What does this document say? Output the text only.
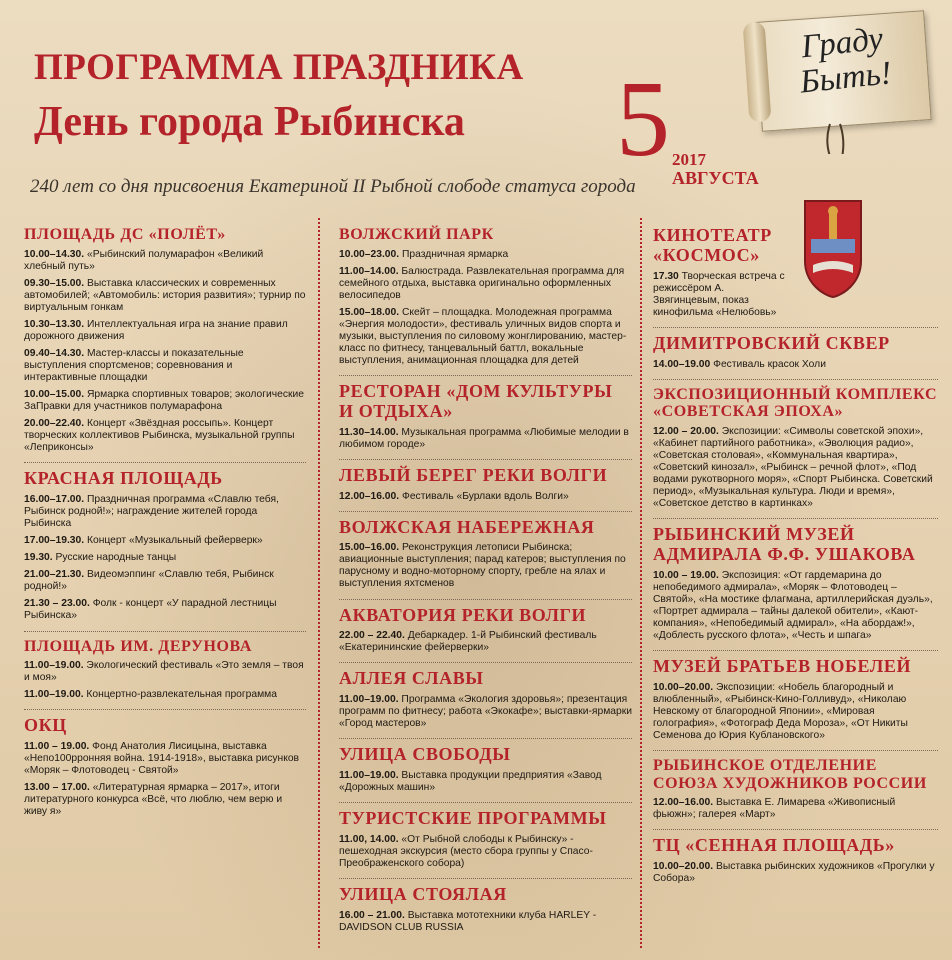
ПРОГРАММА ПРАЗДНИКА
День города Рыбинска	5 2017
АВГУСТА
Граду Быть!
240 лет со дня присвоения Екатериной II Рыбной слободе статуса города
ПЛОЩАДЬ ДС «ПОЛЁТ»
10.00–14.30. «Рыбинский полумарафон «Великий хлебный путь»
09.30–15.00. Выставка классических и современных автомобилей; «Автомобиль: история развития»; турнир по виртуальным гонкам
10.30–13.30. Интеллектуальная игра на знание правил дорожного движения
09.40–14.30. Мастер-классы и показательные выступления спортсменов; соревнования и интерактивные площадки
10.00–15.00. Ярмарка спортивных товаров; экологические ЗаПравки для участников полумарафона
20.00–22.40. Концерт «Звёздная россыпь». Концерт творческих коллективов Рыбинска, музыкальной группы «Леприконсы»
КРАСНАЯ ПЛОЩАДЬ
16.00–17.00. Праздничная программа «Славлю тебя, Рыбинск родной!»; награждение жителей города Рыбинска
17.00–19.30. Концерт «Музыкальный фейерверк»
19.30. Русские народные танцы
21.00–21.30. Видеомэппинг «Славлю тебя, Рыбинск родной!»
21.30 – 23.00. Фолк - концерт «У парадной лестницы Рыбинска»
ПЛОЩАДЬ ИМ. ДЕРУНОВА
11.00–19.00. Экологический фестиваль «Это земля – твоя и моя»
11.00–19.00. Концертно-развлекательная программа
ОКЦ
11.00 – 19.00. Фонд Анатолия Лисицына, выставка «Непо100рронняя война. 1914-1918», выставка рисунков «Моряк – Флотоводец - Святой»
13.00 – 17.00. «Литературная ярмарка – 2017», итоги литературного конкурса «Всё, что люблю, чем верю и живу я»
ВОЛЖСКИЙ ПАРК
10.00–23.00. Праздничная ярмарка
11.00–14.00. Балюстрада. Развлекательная программа для семейного отдыха, выставка оригинально оформленных велосипедов
15.00–18.00. Скейт – площадка. Молодежная программа «Энергия молодости», фестиваль уличных видов спорта и музыки, выступления по силовому жонглированию, мастер-класс по фитнесу, танцевальный баттл, вокальные выступления, анимационная площадка для детей
РЕСТОРАН «ДОМ КУЛЬТУРЫ И ОТДЫХА»
11.30–14.00. Музыкальная программа «Любимые мелодии в любимом городе»
ЛЕВЫЙ БЕРЕГ РЕКИ ВОЛГИ
12.00–16.00. Фестиваль «Бурлаки вдоль Волги»
ВОЛЖСКАЯ НАБЕРЕЖНАЯ
15.00–16.00. Реконструкция летописи Рыбинска; авиационные выступления; парад катеров; выступления по парусному и водно-моторному спорту, гребле на ялах и выступления яхтсменов
АКВАТОРИЯ РЕКИ ВОЛГИ
22.00 – 22.40. Дебаркадер. 1-й Рыбинский фестиваль «Екатерининские фейерверки»
АЛЛЕЯ СЛАВЫ
11.00–19.00. Программа «Экология здоровья»; презентация программ по фитнесу; работа «Экокафе»; выставки-ярмарки «Город мастеров»
УЛИЦА СВОБОДЫ
11.00–19.00. Выставка продукции предприятия «Завод «Дорожных машин»
ТУРИСТСКИЕ ПРОГРАММЫ
11.00, 14.00. «От Рыбной слободы к Рыбинску» - пешеходная экскурсия (место сбора группы у Спасо-Преображенского собора)
УЛИЦА СТОЯЛАЯ
16.00 – 21.00. Выставка мототехники клуба HARLEY - DAVIDSON CLUB RUSSIA
КИНОТЕАТР «КОСМОС»
17.30 Творческая встреча с режиссёром А. Звягинцевым, показ кинофильма «Нелюбовь»
ДИМИТРОВСКИЙ СКВЕР
14.00–19.00 Фестиваль красок Холи
ЭКСПОЗИЦИОННЫЙ КОМПЛЕКС «СОВЕТСКАЯ ЭПОХА»
12.00 – 20.00. Экспозиции: «Символы советской эпохи», «Кабинет партийного работника», «Эволюция радио», «Советская столовая», «Коммунальная квартира», «Советский кинозал», «Рыбинск – речной флот», «Под водами рукотворного моря», «Спорт Рыбинска. Советский период», «Музыкальная культура. Люди и время», «Советское детство в картинках»
РЫБИНСКИЙ МУЗЕЙ АДМИРАЛА Ф.Ф. УШАКОВА
10.00 – 19.00. Экспозиция: «От гардемарина до непобедимого адмирала», «Моряк – Флотоводец – Святой», «На мостике флагмана, артиллерийская дуэль», «Портрет адмирала – тайны далекой обители», «Кают-компания», «Непобедимый адмирал», «На абордаж!», «Доблесть русского флота», «Честь и шпага»
МУЗЕЙ БРАТЬЕВ НОБЕЛЕЙ
10.00–20.00. Экспозиции: «Нобель благородный и влюбленный», «Рыбинск-Кино-Голливуд», «Николаю Невскому от благородной Японии», «Мировая голография», «Фотограф Деда Мороза», «От Никиты Семенова до Юрия Кублановского»
РЫБИНСКОЕ ОТДЕЛЕНИЕ СОЮЗА ХУДОЖНИКОВ РОССИИ
12.00–16.00. Выставка Е. Лимарева «Живописный фьюжн»; галерея «Март»
ТЦ «СЕННАЯ ПЛОЩАДЬ»
10.00–20.00. Выставка рыбинских художников «Прогулки у Собора»
